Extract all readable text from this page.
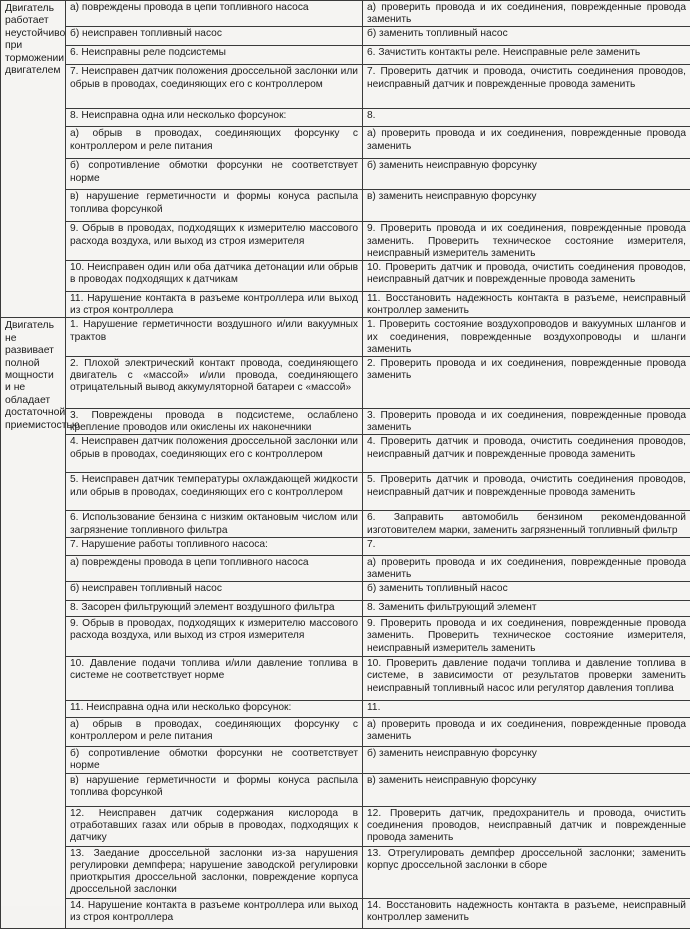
Двигатель работает неустойчиво при торможении двигателем	а) повреждены провода в цепи топливного насоса	а) проверить провода и их соединения, поврежденные провода заменить
	б) неисправен топливный насос	б) заменить топливный насос
	6. Неисправны реле подсистемы	6. Зачистить контакты реле. Неисправные реле заменить
	7. Неисправен датчик положения дроссельной заслонки или обрыв в проводах, соединяющих его с контроллером	7. Проверить датчик и провода, очистить соединения проводов, неисправный датчик и поврежденные провода заменить
	8. Неисправна одна или несколько форсунок:	8.
	а) обрыв в проводах, соединяющих форсунку с контроллером и реле питания	а) проверить провода и их соединения, поврежденные провода заменить
	б) сопротивление обмотки форсунки не соответствует норме	б) заменить неисправную форсунку
	в) нарушение герметичности и формы конуса распыла топлива форсункой	в) заменить неисправную форсунку
	9. Обрыв в проводах, подходящих к измерителю массового расхода воздуха, или выход из строя измерителя	9. Проверить провода и их соединения, поврежденные провода заменить. Проверить техническое состояние измерителя, неисправный измеритель заменить
	10. Неисправен один или оба датчика детонации или обрыв в проводах подходящих к датчикам	10. Проверить датчик и провода, очистить соединения проводов, неисправный датчик и поврежденные провода заменить
	11. Нарушение контакта в разъеме контроллера или выход из строя контроллера	11. Восстановить надежность контакта в разъеме, неисправный контроллер заменить
Двигатель не развивает полной мощности и не обладает достаточной приемистостью	1. Нарушение герметичности воздушного и/или вакуумных трактов	1. Проверить состояние воздухопроводов и вакуумных шлангов и их соединения, поврежденные воздухопроводы и шланги заменить
	2. Плохой электрический контакт провода, соединяющего двигатель с «массой» и/или провода, соединяющего отрицательный вывод аккумуляторной батареи с «массой»	2. Проверить провода и их соединения, поврежденные провода заменить
	3. Повреждены провода в подсистеме, ослаблено крепление проводов или окислены их наконечники	3. Проверить провода и их соединения, поврежденные провода заменить
	4. Неисправен датчик положения дроссельной заслонки или обрыв в проводах, соединяющих его с контроллером	4. Проверить датчик и провода, очистить соединения проводов, неисправный датчик и поврежденные провода заменить
	5. Неисправен датчик температуры охлаждающей жидкости или обрыв в проводах, соединяющих его с контроллером	5. Проверить датчик и провода, очистить соединения проводов, неисправный датчик и поврежденные провода заменить
	6. Использование бензина с низким октановым числом или загрязнение топливного фильтра	6. Заправить автомобиль бензином рекомендованной изготовителем марки, заменить загрязненный топливный фильтр
	7. Нарушение работы топливного насоса:	7.
	а) повреждены провода в цепи топливного насоса	а) проверить провода и их соединения, поврежденные провода заменить
	б) неисправен топливный насос	б) заменить топливный насос
	8. Засорен фильтрующий элемент воздушного фильтра	8. Заменить фильтрующий элемент
	9. Обрыв в проводах, подходящих к измерителю массового расхода воздуха, или выход из строя измерителя	9. Проверить провода и их соединения, поврежденные провода заменить. Проверить техническое состояние измерителя, неисправный измеритель заменить
	10. Давление подачи топлива и/или давление топлива в системе не соответствует норме	10. Проверить давление подачи топлива и давление топлива в системе, в зависимости от результатов проверки заменить неисправный топливный насос или регулятор давления топлива
	11. Неисправна одна или несколько форсунок:	11.
	а) обрыв в проводах, соединяющих форсунку с контроллером и реле питания	а) проверить провода и их соединения, поврежденные провода заменить
	б) сопротивление обмотки форсунки не соответствует норме	б) заменить неисправную форсунку
	в) нарушение герметичности и формы конуса распыла топлива форсункой	в) заменить неисправную форсунку
	12. Неисправен датчик содержания кислорода в отработавших газах или обрыв в проводах, подходящих к датчику	12. Проверить датчик, предохранитель и провода, очистить соединения проводов, неисправный датчик и поврежденные провода заменить
	13. Заедание дроссельной заслонки из-за нарушения регулировки демпфера; нарушение заводской регулировки приоткрытия дроссельной заслонки, повреждение корпуса дроссельной заслонки	13. Отрегулировать демпфер дроссельной заслонки; заменить корпус дроссельной заслонки в сборе
	14. Нарушение контакта в разъеме контроллера или выход из строя контроллера	14. Восстановить надежность контакта в разъеме, неисправный контроллер заменить
